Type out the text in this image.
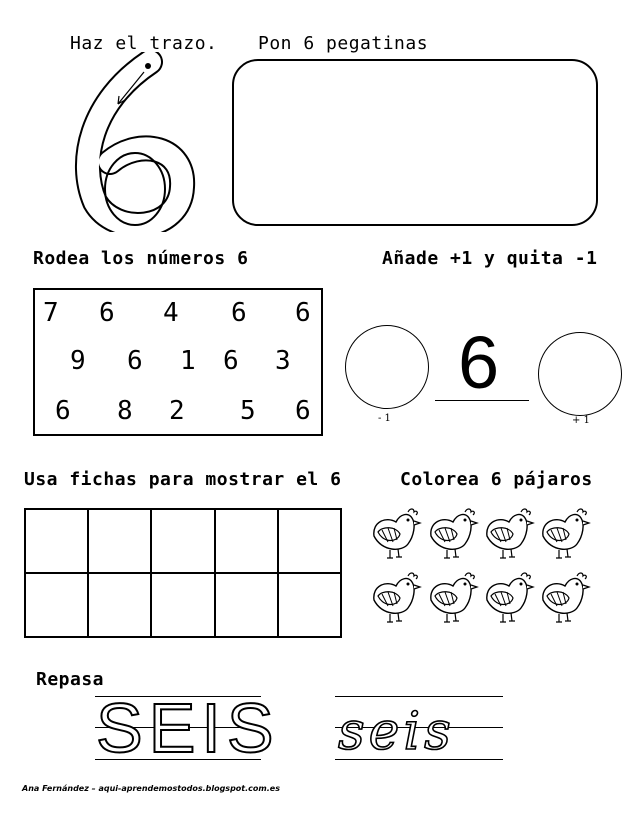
Haz el trazo. Pon 6 pegatinas
Rodea los números 6
7 6 4 6 6
9 6 1 6 3
6 8 2 5 6
Añade +1 y quita -1
- 1
6
+ 1
Usa fichas para mostrar el 6	Colorea 6 pájaros
Repasa
SEIS seis
Ana Fernández – aqui-aprendemostodos.blogspot.com.es
